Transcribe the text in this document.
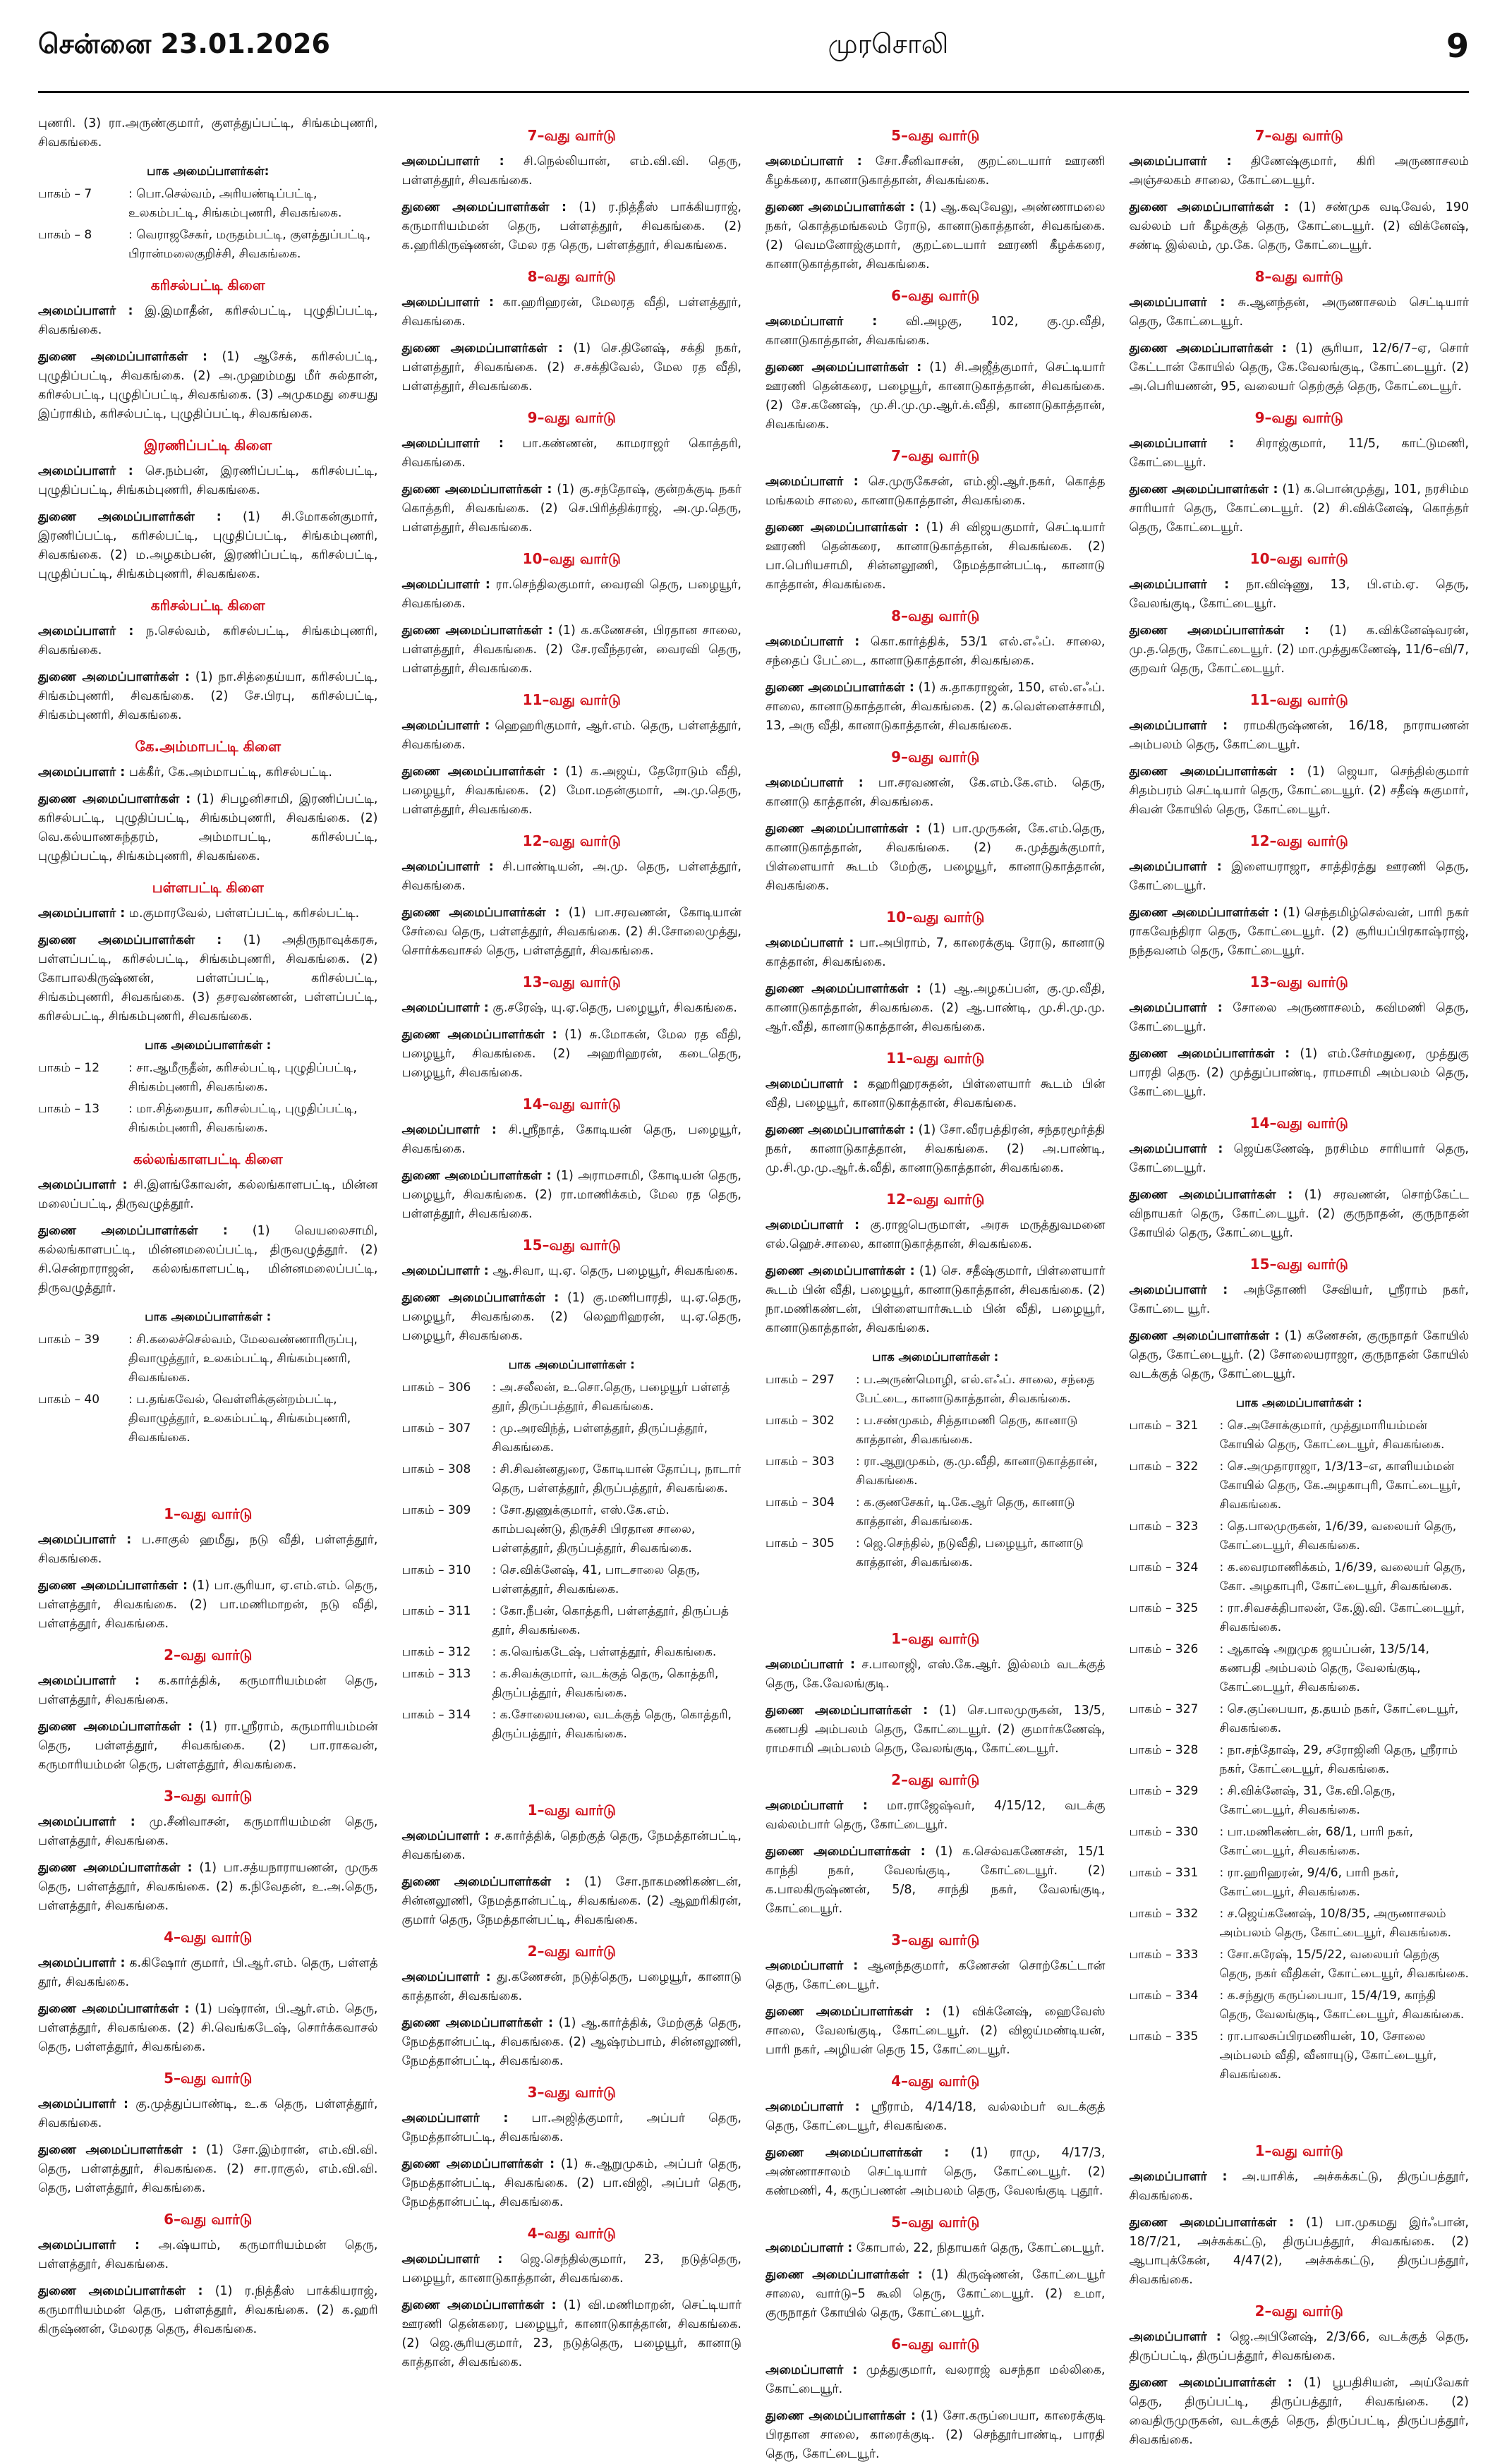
சென்னை 23.01.2026	முரசொலி	9

புணரி. (3) ரா.அருண்குமார், குளத்துப்பட்டி, சிங்கம்புணரி, சிவகங்கை.

பாக அமைப்பாளர்கள்:
பாகம் – 7	: பொ.செல்வம், அரியண்டிப்பட்டி, உலகம்பட்டி, சிங்கம்புணரி, சிவகங்கை.
பாகம் – 8	: வெராஜசேகர், மருதம்பட்டி, குளத்துப்பட்டி, பிரான்மலைகுறிச்சி, சிவகங்கை.
கரிசல்பட்டி கிளை

அமைப்பாளர் : இ.இமாதீன், கரிசல்பட்டி, புழுதிப்பட்டி, சிவகங்கை.

துணை அமைப்பாளர்கள் : (1) ஆசேக், கரிசல்பட்டி, புழுதிப்பட்டி, சிவகங்கை. (2) அ.முஹம்மது மீர் சுல்தான், கரிசல்பட்டி, புழுதிப்பட்டி, சிவகங்கை. (3) அமுகமது சையது இப்ராகிம், கரிசல்பட்டி, புழுதிப்பட்டி, சிவகங்கை.

இரணிப்பட்டி கிளை

அமைப்பாளர் : செ.நம்பன், இரணிப்பட்டி, கரிசல்பட்டி, புழுதிப்பட்டி, சிங்கம்புணரி, சிவகங்கை.

துணை அமைப்பாளர்கள் : (1) சி.மோகன்குமார், இரணிப்பட்டி, கரிசல்பட்டி, புழுதிப்பட்டி, சிங்கம்புணரி, சிவகங்கை. (2) ம.அழகம்பன், இரணிப்பட்டி, கரிசல்பட்டி, புழுதிப்பட்டி, சிங்கம்புணரி, சிவகங்கை.

கரிசல்பட்டி கிளை

அமைப்பாளர் : ந.செல்வம், கரிசல்பட்டி, சிங்கம்புணரி, சிவகங்கை.

துணை அமைப்பாளர்கள் : (1) நா.சித்தைய்யா, கரிசல்பட்டி, சிங்கம்புணரி, சிவகங்கை. (2) சே.பிரபு, கரிசல்பட்டி, சிங்கம்புணரி, சிவகங்கை.

கே.அம்மாபட்டி கிளை

அமைப்பாளர் : பக்கீர், கே.அம்மாபட்டி, கரிசல்பட்டி.

துணை அமைப்பாளர்கள் : (1) சிபழனிசாமி, இரணிப்பட்டி, கரிசல்பட்டி, புழுதிப்பட்டி, சிங்கம்புணரி, சிவகங்கை. (2) வெ.கல்யாணசுந்தரம், அம்மாபட்டி, கரிசல்பட்டி, புழுதிப்பட்டி, சிங்கம்புணரி, சிவகங்கை.

பள்ளபட்டி கிளை

அமைப்பாளர் : ம.குமாரவேல், பள்ளப்பட்டி, கரிசல்பட்டி.

துணை அமைப்பாளர்கள் : (1) அதிருநாவுக்கரசு, பள்ளப்பட்டி, கரிசல்பட்டி, சிங்கம்புணரி, சிவகங்கை. (2) கோபாலகிருஷ்ணன், பள்ளப்பட்டி, கரிசல்பட்டி, சிங்கம்புணரி, சிவகங்கை. (3) தசரவண்ணன், பள்ளப்பட்டி, கரிசல்பட்டி, சிங்கம்புணரி, சிவகங்கை.

பாக அமைப்பாளர்கள் :
பாகம் – 12	: சா.ஆமீருதீன், கரிசல்பட்டி, புழுதிப்பட்டி, சிங்கம்புணரி, சிவகங்கை.
பாகம் – 13	: மா.சித்தையா, கரிசல்பட்டி, புழுதிப்பட்டி, சிங்கம்புணரி, சிவகங்கை.
கல்லங்காளபட்டி கிளை

அமைப்பாளர் : சி.இளங்கோவன், கல்லங்காளபட்டி, மின்ன மலைப்பட்டி, திருவழுத்தூர்.

துணை அமைப்பாளர்கள் : (1) வெயலைசாமி, கல்லங்காளபட்டி, மின்னமலைப்பட்டி, திருவழுத்தூர். (2) சி.சென்றாராஜன், கல்லங்காளபட்டி, மின்னமலைப்பட்டி, திருவழுத்தூர்.

பாக அமைப்பாளர்கள் :
பாகம் – 39	: சி.கலைச்செல்வம், மேலவண்ணாரிருப்பு, திவாழுத்தூர், உலகம்பட்டி, சிங்கம்புணரி, சிவகங்கை.
பாகம் – 40	: ப.தங்கவேல், வெள்ளிக்குன்றம்பட்டி, திவாழுத்தூர், உலகம்பட்டி, சிங்கம்புணரி, சிவகங்கை.
1–வது வார்டு

அமைப்பாளர் : ப.சாகுல் ஹமீது, நடு வீதி, பள்ளத்தூர், சிவகங்கை.

துணை அமைப்பாளர்கள் : (1) பா.சூரியா, ஏ.எம்.எம். தெரு, பள்ளத்தூர், சிவகங்கை. (2) பா.மணிமாறன், நடு வீதி, பள்ளத்தூர், சிவகங்கை.

2–வது வார்டு

அமைப்பாளர் : க.கார்த்திக், கருமாரியம்மன் தெரு, பள்ளத்தூர், சிவகங்கை.

துணை அமைப்பாளர்கள் : (1) ரா.ஸ்ரீராம், கருமாரியம்மன் தெரு, பள்ளத்தூர், சிவகங்கை. (2) பா.ராகவன், கருமாரியம்மன் தெரு, பள்ளத்தூர், சிவகங்கை.

3–வது வார்டு

அமைப்பாளர் : மு.சீனிவாசன், கருமாரியம்மன் தெரு, பள்ளத்தூர், சிவகங்கை.

துணை அமைப்பாளர்கள் : (1) பா.சத்யநாராயணன், முருக தெரு, பள்ளத்தூர், சிவகங்கை. (2) க.நிவேதன், உ.அ.தெரு, பள்ளத்தூர், சிவகங்கை.

4–வது வார்டு

அமைப்பாளர் : க.கிஷோர் குமார், பி.ஆர்.எம். தெரு, பள்ளத் தூர், சிவகங்கை.

துணை அமைப்பாளர்கள் : (1) பஷ்ரான், பி.ஆர்.எம். தெரு, பள்ளத்தூர், சிவகங்கை. (2) சி.வெங்கடேஷ், சொர்க்கவாசல் தெரு, பள்ளத்தூர், சிவகங்கை.

5–வது வார்டு

அமைப்பாளர் : கு.முத்துப்பாண்டி, உ.க தெரு, பள்ளத்தூர், சிவகங்கை.

துணை அமைப்பாளர்கள் : (1) சோ.இம்ரான், எம்.வி.வி. தெரு, பள்ளத்தூர், சிவகங்கை. (2) சா.ராகுல், எம்.வி.வி. தெரு, பள்ளத்தூர், சிவகங்கை.

6–வது வார்டு

அமைப்பாளர் : அ.ஷ்யாம், கருமாரியம்மன் தெரு, பள்ளத்தூர், சிவகங்கை.

துணை அமைப்பாளர்கள் : (1) ர.நித்தீஸ் பாக்கியராஜ், கருமாரியம்மன் தெரு, பள்ளத்தூர், சிவகங்கை. (2) க.ஹரி கிருஷ்ணன், மேலரத தெரு, சிவகங்கை.

7–வது வார்டு

அமைப்பாளர் : சி.நெல்லியான், எம்.வி.வி. தெரு, பள்ளத்தூர், சிவகங்கை.

துணை அமைப்பாளர்கள் : (1) ர.நித்தீஸ் பாக்கியராஜ், கருமாரியம்மன் தெரு, பள்ளத்தூர், சிவகங்கை. (2) க.ஹரிகிருஷ்ணன், மேல ரத தெரு, பள்ளத்தூர், சிவகங்கை.

8–வது வார்டு

அமைப்பாளர் : கா.ஹரிஹரன், மேலரத வீதி, பள்ளத்தூர், சிவகங்கை.

துணை அமைப்பாளர்கள் : (1) செ.தினேஷ், சக்தி நகர், பள்ளத்தூர், சிவகங்கை. (2) ச.சக்திவேல், மேல ரத வீதி, பள்ளத்தூர், சிவகங்கை.

9–வது வார்டு

அமைப்பாளர் : பா.கண்ணன், காமராஜர் கொத்தரி, சிவகங்கை.

துணை அமைப்பாளர்கள் : (1) கு.சந்தோஷ், குன்றக்குடி நகர் கொத்தரி, சிவகங்கை. (2) செ.பிரித்திக்ராஜ், அ.மு.தெரு, பள்ளத்தூர், சிவகங்கை.

10–வது வார்டு

அமைப்பாளர் : ரா.செந்திலகுமார், வைரவி தெரு, பழையூர், சிவகங்கை.

துணை அமைப்பாளர்கள் : (1) க.கணேசன், பிரதான சாலை, பள்ளத்தூர், சிவகங்கை. (2) சே.ரவீந்தரன், வைரவி தெரு, பள்ளத்தூர், சிவகங்கை.

11–வது வார்டு

அமைப்பாளர் : ஹெஹரிகுமார், ஆர்.எம். தெரு, பள்ளத்தூர், சிவகங்கை.

துணை அமைப்பாளர்கள் : (1) க.அஜய், தேரோடும் வீதி, பழையூர், சிவகங்கை. (2) மோ.மதன்குமார், அ.மு.தெரு, பள்ளத்தூர், சிவகங்கை.

12–வது வார்டு

அமைப்பாளர் : சி.பாண்டியன், அ.மு. தெரு, பள்ளத்தூர், சிவகங்கை.

துணை அமைப்பாளர்கள் : (1) பா.சரவணன், கோடியான் சேர்வை தெரு, பள்ளத்தூர், சிவகங்கை. (2) சி.சோலைமுத்து, சொர்க்கவாசல் தெரு, பள்ளத்தூர், சிவகங்கை.

13–வது வார்டு

அமைப்பாளர் : கு.சரேஷ், யு.ஏ.தெரு, பழையூர், சிவகங்கை.

துணை அமைப்பாளர்கள் : (1) சு.மோகன், மேல ரத வீதி, பழையூர், சிவகங்கை. (2) அஹரிஹரன், கடைதெரு, பழையூர், சிவகங்கை.

14–வது வார்டு

அமைப்பாளர் : சி.ஸ்ரீநாத், கோடியன் தெரு, பழையூர், சிவகங்கை.

துணை அமைப்பாளர்கள் : (1) அராமசாமி, கோடியன் தெரு, பழையூர், சிவகங்கை. (2) ரா.மாணிக்கம், மேல ரத தெரு, பள்ளத்தூர், சிவகங்கை.

15–வது வார்டு

அமைப்பாளர் : ஆ.சிவா, யு.ஏ. தெரு, பழையூர், சிவகங்கை.

துணை அமைப்பாளர்கள் : (1) கு.மணிபாரதி, யு.ஏ.தெரு, பழையூர், சிவகங்கை. (2) லெஹரிஹரன், யு.ஏ.தெரு, பழையூர், சிவகங்கை.

பாக அமைப்பாளர்கள் :
பாகம் – 306	: அ.சலீலன், உ.சொ.தெரு, பழையூர் பள்ளத் தூர், திருப்பத்தூர், சிவகங்கை.
பாகம் – 307	: மு.அரவிந்த், பள்ளத்தூர், திருப்பத்தூர், சிவகங்கை.
பாகம் – 308	: சி.சிவன்னதுரை, கோடியான் தோப்பு, நாடார் தெரு, பள்ளத்தூர், திருப்பத்தூர், சிவகங்கை.
பாகம் – 309	: சோ.துணுக்குமார், எஸ்.கே.எம். காம்பவுண்டு, திருச்சி பிரதான சாலை, பள்ளத்தூர், திருப்பத்தூர், சிவகங்கை.
பாகம் – 310	: செ.விக்னேஷ், 41, பாடசாலை தெரு, பள்ளத்தூர், சிவகங்கை.
பாகம் – 311	: கோ.நீபன், கொத்தரி, பள்ளத்தூர், திருப்பத் தூர், சிவகங்கை.
பாகம் – 312	: க.வெங்கடேஷ், பள்ளத்தூர், சிவகங்கை.
பாகம் – 313	: க.சிவக்குமார், வடக்குத் தெரு, கொத்தரி, திருப்பத்தூர், சிவகங்கை.
பாகம் – 314	: க.சோலையலை, வடக்குத் தெரு, கொத்தரி, திருப்பத்தூர், சிவகங்கை.
1–வது வார்டு

அமைப்பாளர் : ச.கார்த்திக், தெற்குத் தெரு, நேமத்தான்பட்டி, சிவகங்கை.

துணை அமைப்பாளர்கள் : (1) சோ.நாகமணிகண்டன், சின்னலூணி, நேமத்தான்பட்டி, சிவகங்கை. (2) ஆஹரிகிரன், குமார் தெரு, நேமத்தான்பட்டி, சிவகங்கை.

2–வது வார்டு

அமைப்பாளர் : து.கணேசன், நடுத்தெரு, பழையூர், கானாடு காத்தான், சிவகங்கை.

துணை அமைப்பாளர்கள் : (1) ஆ.கார்த்திக், மேற்குத் தெரு, நேமத்தான்பட்டி, சிவகங்கை. (2) ஆஷ்ரம்பாம், சின்னலூணி, நேமத்தான்பட்டி, சிவகங்கை.

3–வது வார்டு

அமைப்பாளர் : பா.அஜித்குமார், அப்பர் தெரு, நேமத்தான்பட்டி, சிவகங்கை.

துணை அமைப்பாளர்கள் : (1) சு.ஆறுமுகம், அப்பர் தெரு, நேமத்தான்பட்டி, சிவகங்கை. (2) பா.விஜி, அப்பர் தெரு, நேமத்தான்பட்டி, சிவகங்கை.

4–வது வார்டு

அமைப்பாளர் : ஜெ.செந்தில்குமார், 23, நடுத்தெரு, பழையூர், கானாடுகாத்தான், சிவகங்கை.

துணை அமைப்பாளர்கள் : (1) வி.மணிமாறன், செட்டியார் ஊரணி தென்கரை, பழையூர், கானாடுகாத்தான், சிவகங்கை. (2) ஜெ.சூரியகுமார், 23, நடுத்தெரு, பழையூர், கானாடு காத்தான், சிவகங்கை.

5–வது வார்டு

அமைப்பாளர் : சோ.சீனிவாசன், குறட்டையார் ஊரணி கீழக்கரை, கானாடுகாத்தான், சிவகங்கை.

துணை அமைப்பாளர்கள் : (1) ஆ.கவுவேலு, அண்ணாமலை நகர், கொத்தமங்கலம் ரோடு, கானாடுகாத்தான், சிவகங்கை. (2) வெமனோஜ்குமார், குறட்டையார் ஊரணி கீழக்கரை, கானாடுகாத்தான், சிவகங்கை.

6–வது வார்டு

அமைப்பாளர் : வி.அழகு, 102, கு.மு.வீதி, கானாடுகாத்தான், சிவகங்கை.

துணை அமைப்பாளர்கள் : (1) சி.அஜீத்குமார், செட்டியார் ஊரணி தென்கரை, பழையூர், கானாடுகாத்தான், சிவகங்கை. (2) சே.கணேஷ், மு.சி.மு.மு.ஆர்.க்.வீதி, கானாடுகாத்தான், சிவகங்கை.

7–வது வார்டு

அமைப்பாளர் : செ.முருகேசன், எம்.ஜி.ஆர்.நகர், கொத்த மங்கலம் சாலை, கானாடுகாத்தான், சிவகங்கை.

துணை அமைப்பாளர்கள் : (1) சி விஜயகுமார், செட்டியார் ஊரணி தென்கரை, கானாடுகாத்தான், சிவகங்கை. (2) பா.பெரியசாமி, சின்னலூணி, நேமத்தான்பட்டி, கானாடு காத்தான், சிவகங்கை.

8–வது வார்டு

அமைப்பாளர் : கொ.கார்த்திக், 53/1 எல்.எஃப். சாலை, சந்தைப் பேட்டை, கானாடுகாத்தான், சிவகங்கை.

துணை அமைப்பாளர்கள் : (1) சு.தாகராஜன், 150, எல்.எஃப். சாலை, கானாடுகாத்தான், சிவகங்கை. (2) க.வெள்ளைச்சாமி, 13, அரு வீதி, கானாடுகாத்தான், சிவகங்கை.

9–வது வார்டு

அமைப்பாளர் : பா.சரவணன், கே.எம்.கே.எம். தெரு, கானாடு காத்தான், சிவகங்கை.

துணை அமைப்பாளர்கள் : (1) பா.முருகன், கே.எம்.தெரு, கானாடுகாத்தான், சிவகங்கை. (2) சு.முத்துக்குமார், பிள்ளையார் கூடம் மேற்கு, பழையூர், கானாடுகாத்தான், சிவகங்கை.

10–வது வார்டு

அமைப்பாளர் : பா.அபிராம், 7, காரைக்குடி ரோடு, கானாடு காத்தான், சிவகங்கை.

துணை அமைப்பாளர்கள் : (1) ஆ.அழகப்பன், கு.மு.வீதி, கானாடுகாத்தான், சிவகங்கை. (2) ஆ.பாண்டி, மு.சி.மு.மு. ஆர்.வீதி, கானாடுகாத்தான், சிவகங்கை.

11–வது வார்டு

அமைப்பாளர் : கஹரிஹரசுதன், பிள்ளையார் கூடம் பின் வீதி, பழையூர், கானாடுகாத்தான், சிவகங்கை.

துணை அமைப்பாளர்கள் : (1) சோ.வீரபத்திரன், சந்தரமூர்த்தி நகர், கானாடுகாத்தான், சிவகங்கை. (2) அ.பாண்டி, மு.சி.மு.மு.ஆர்.க்.வீதி, கானாடுகாத்தான், சிவகங்கை.

12–வது வார்டு

அமைப்பாளர் : கு.ராஜபெருமாள், அரசு மருத்துவமனை எல்.ஹெச்.சாலை, கானாடுகாத்தான், சிவகங்கை.

துணை அமைப்பாளர்கள் : (1) செ. சதீஷ்குமார், பிள்ளையார் கூடம் பின் வீதி, பழையூர், கானாடுகாத்தான், சிவகங்கை. (2) நா.மணிகண்டன், பிள்ளையார்கூடம் பின் வீதி, பழையூர், கானாடுகாத்தான், சிவகங்கை.

பாக அமைப்பாளர்கள் :
பாகம் – 297	: ப.அருண்மொழி, எல்.எஃப். சாலை, சந்தை பேட்டை, கானாடுகாத்தான், சிவகங்கை.
பாகம் – 302	: ப.சண்முகம், சித்தாமணி தெரு, கானாடு காத்தான், சிவகங்கை.
பாகம் – 303	: ரா.ஆறுமுகம், கு.மு.வீதி, கானாடுகாத்தான், சிவகங்கை.
பாகம் – 304	: க.குணசேகர், டி.கே.ஆர் தெரு, கானாடு காத்தான், சிவகங்கை.
பாகம் – 305	: ஜெ.செந்தில், நடுவீதி, பழையூர், கானாடு காத்தான், சிவகங்கை.
1–வது வார்டு

அமைப்பாளர் : ச.பாலாஜி, எஸ்.கே.ஆர். இல்லம் வடக்குத் தெரு, கே.வேலங்குடி.

துணை அமைப்பாளர்கள் : (1) செ.பாலமுருகன், 13/5, கணபதி அம்பலம் தெரு, கோட்டையூர். (2) குமார்கணேஷ், ராமசாமி அம்பலம் தெரு, வேலங்குடி, கோட்டையூர்.

2–வது வார்டு

அமைப்பாளர் : மா.ராஜேஷ்வர், 4/15/12, வடக்கு வல்லம்பார் தெரு, கோட்டையூர்.

துணை அமைப்பாளர்கள் : (1) க.செல்வகணேசன், 15/1 காந்தி நகர், வேலங்குடி, கோட்டையூர். (2) க.பாலகிருஷ்ணன், 5/8, சாந்தி நகர், வேலங்குடி, கோட்டையூர்.

3–வது வார்டு

அமைப்பாளர் : ஆனந்தகுமார், கணேசன் சொற்கேட்டான் தெரு, கோட்டையூர்.

துணை அமைப்பாளர்கள் : (1) விக்னேஷ், ஹைவேஸ் சாலை, வேலங்குடி, கோட்டையூர். (2) விஜய்மண்டியன், பாரி நகர், அழியன் தெரு 15, கோட்டையூர்.

4–வது வார்டு

அமைப்பாளர் : ஸ்ரீராம், 4/14/18, வல்லம்பர் வடக்குத் தெரு, கோட்டையூர், சிவகங்கை.

துணை அமைப்பாளர்கள் : (1) ராமு, 4/17/3, அண்ணாசாலம் செட்டியார் தெரு, கோட்டையூர். (2) கண்மணி, 4, கருப்பணன் அம்பலம் தெரு, வேலங்குடி புதூர்.

5–வது வார்டு

அமைப்பாளர் : கோபால், 22, நிதாயகர் தெரு, கோட்டையூர்.

துணை அமைப்பாளர்கள் : (1) கிருஷ்ணன், கோட்டையூர் சாலை, வார்டு–5 கூலி தெரு, கோட்டையூர். (2) உமா, குருநாதர் கோயில் தெரு, கோட்டையூர்.

6–வது வார்டு

அமைப்பாளர் : முத்துகுமார், வலராஜ் வசந்தா மல்லிகை, கோட்டையூர்.

துணை அமைப்பாளர்கள் : (1) சோ.கருப்பையா, காரைக்குடி பிரதான சாலை, காரைக்குடி. (2) செந்தூர்பாண்டி, பாரதி தெரு, கோட்டையூர்.

7–வது வார்டு

அமைப்பாளர் : திணேஷ்குமார், கிரி அருணாசலம் அஞ்சலகம் சாலை, கோட்டையூர்.

துணை அமைப்பாளர்கள் : (1) சண்முக வடிவேல், 190 வல்லம் பர் கீழக்குத் தெரு, கோட்டையூர். (2) விக்னேஷ், சண்டி இல்லம், மு.கே. தெரு, கோட்டையூர்.

8–வது வார்டு

அமைப்பாளர் : சு.ஆனந்தன், அருணாசலம் செட்டியார் தெரு, கோட்டையூர்.

துணை அமைப்பாளர்கள் : (1) சூரியா, 12/6/7–ஏ, சொர் கேட்டான் கோயில் தெரு, கே.வேலங்குடி, கோட்டையூர். (2) அ.பெரியணன், 95, வலையர் தெற்குத் தெரு, கோட்டையூர்.

9–வது வார்டு

அமைப்பாளர் : சிராஜ்குமார், 11/5, காட்டுமணி, கோட்டையூர்.

துணை அமைப்பாளர்கள் : (1) க.பொன்முத்து, 101, நரசிம்ம சாரியார் தெரு, கோட்டையூர். (2) சி.விக்னேஷ், கொத்தர் தெரு, கோட்டையூர்.

10–வது வார்டு

அமைப்பாளர் : நா.விஷ்ணு, 13, பி.எம்.ஏ. தெரு, வேலங்குடி, கோட்டையூர்.

துணை அமைப்பாளர்கள் : (1) க.விக்னேஷ்வரன், மு.த.தெரு, கோட்டையூர். (2) மா.முத்துகணேஷ், 11/6–வி/7, குறவர் தெரு, கோட்டையூர்.

11–வது வார்டு

அமைப்பாளர் : ராமகிருஷ்ணன், 16/18, நாராயணன் அம்பலம் தெரு, கோட்டையூர்.

துணை அமைப்பாளர்கள் : (1) ஜெயா, செந்தில்குமார் சிதம்பரம் செட்டியார் தெரு, கோட்டையூர். (2) சதீஷ் சுகுமார், சிவன் கோயில் தெரு, கோட்டையூர்.

12–வது வார்டு

அமைப்பாளர் : இளையராஜா, சாத்திரத்து ஊரணி தெரு, கோட்டையூர்.

துணை அமைப்பாளர்கள் : (1) செந்தமிழ்செல்வன், பாரி நகர் ராகவேந்திரா தெரு, கோட்டையூர். (2) சூரியப்பிரகாஷ்ராஜ், நந்தவனம் தெரு, கோட்டையூர்.

13–வது வார்டு

அமைப்பாளர் : சோலை அருணாசலம், கவிமணி தெரு, கோட்டையூர்.

துணை அமைப்பாளர்கள் : (1) எம்.சேர்மதுரை, முத்துகு பாரதி தெரு. (2) முத்துப்பாண்டி, ராமசாமி அம்பலம் தெரு, கோட்டையூர்.

14–வது வார்டு

அமைப்பாளர் : ஜெய்கணேஷ், நரசிம்ம சாரியார் தெரு, கோட்டையூர்.

துணை அமைப்பாளர்கள் : (1) சரவணன், சொற்கேட்ட விநாயகர் தெரு, கோட்டையூர். (2) குருநாதன், குருநாதன் கோயில் தெரு, கோட்டையூர்.

15–வது வார்டு

அமைப்பாளர் : அந்தோணி சேவியர், ஸ்ரீராம் நகர், கோட்டை யூர்.

துணை அமைப்பாளர்கள் : (1) கணேசன், குருநாதர் கோயில் தெரு, கோட்டையூர். (2) சோலையராஜா, குருநாதன் கோயில் வடக்குத் தெரு, கோட்டையூர்.

பாக அமைப்பாளர்கள் :
பாகம் – 321	: செ.அசோக்குமார், முத்துமாரியம்மன் கோயில் தெரு, கோட்டையூர், சிவகங்கை.
பாகம் – 322	: செ.அமுதாராஜா, 1/3/13–எ, காளியம்மன் கோயில் தெரு, கே.அழகாபுரி, கோட்டையூர், சிவகங்கை.
பாகம் – 323	: தெ.பாலமுருகன், 1/6/39, வலையர் தெரு, கோட்டையூர், சிவகங்கை.
பாகம் – 324	: க.வைரமாணிக்கம், 1/6/39, வலையர் தெரு, கோ. அழகாபுரி, கோட்டையூர், சிவகங்கை.
பாகம் – 325	: ரா.சிவசக்திபாலன், கே.இ.வி. கோட்டையூர், சிவகங்கை.
பாகம் – 326	: ஆகாஷ் அறுமுக ஜயப்பன், 13/5/14, கணபதி அம்பலம் தெரு, வேலங்குடி, கோட்டையூர், சிவகங்கை.
பாகம் – 327	: செ.குப்பையா, த.தயம் நகர், கோட்டையூர், சிவகங்கை.
பாகம் – 328	: நா.சந்தோஷ், 29, சரோஜினி தெரு, ஸ்ரீராம் நகர், கோட்டையூர், சிவகங்கை.
பாகம் – 329	: சி.விக்னேஷ், 31, கே.வி.தெரு, கோட்டையூர், சிவகங்கை.
பாகம் – 330	: பா.மணிகண்டன், 68/1, பாரி நகர், கோட்டையூர், சிவகங்கை.
பாகம் – 331	: ரா.ஹரிஹரன், 9/4/6, பாரி நகர், கோட்டையூர், சிவகங்கை.
பாகம் – 332	: ச.ஜெய்கணேஷ், 10/8/35, அருணாசலம் அம்பலம் தெரு, கோட்டையூர், சிவகங்கை.
பாகம் – 333	: சோ.சுரேஷ், 15/5/22, வலையர் தெற்கு தெரு, நகர் வீதிகள், கோட்டையூர், சிவகங்கை.
பாகம் – 334	: க.சந்துரு கருப்பையா, 15/4/19, காந்தி தெரு, வேலங்குடி, கோட்டையூர், சிவகங்கை.
பாகம் – 335	: ரா.பாலசுப்பிரமணியன், 10, சோலை அம்பலம் வீதி, வீனாயுடு, கோட்டையூர், சிவகங்கை.
1–வது வார்டு

அமைப்பாளர் : அ.யாசிக், அச்சுக்கட்டு, திருப்பத்தூர், சிவகங்கை.

துணை அமைப்பாளர்கள் : (1) பா.முகமது இர்ஃபான், 18/7/21, அச்சுக்கட்டு, திருப்பத்தூர், சிவகங்கை. (2) ஆபாபுக்கேன், 4/47(2), அச்சுக்கட்டு, திருப்பத்தூர், சிவகங்கை.

2–வது வார்டு

அமைப்பாளர் : ஜெ.அபினேஷ், 2/3/66, வடக்குத் தெரு, திருப்பட்டி, திருப்பத்தூர், சிவகங்கை.

துணை அமைப்பாளர்கள் : (1) பூபதிசியன், அய்வேகர் தெரு, திருப்பட்டி, திருப்பத்தூர், சிவகங்கை. (2) வைதிருமுருகன், வடக்குத் தெரு, திருப்பட்டி, திருப்பத்தூர், சிவகங்கை.
